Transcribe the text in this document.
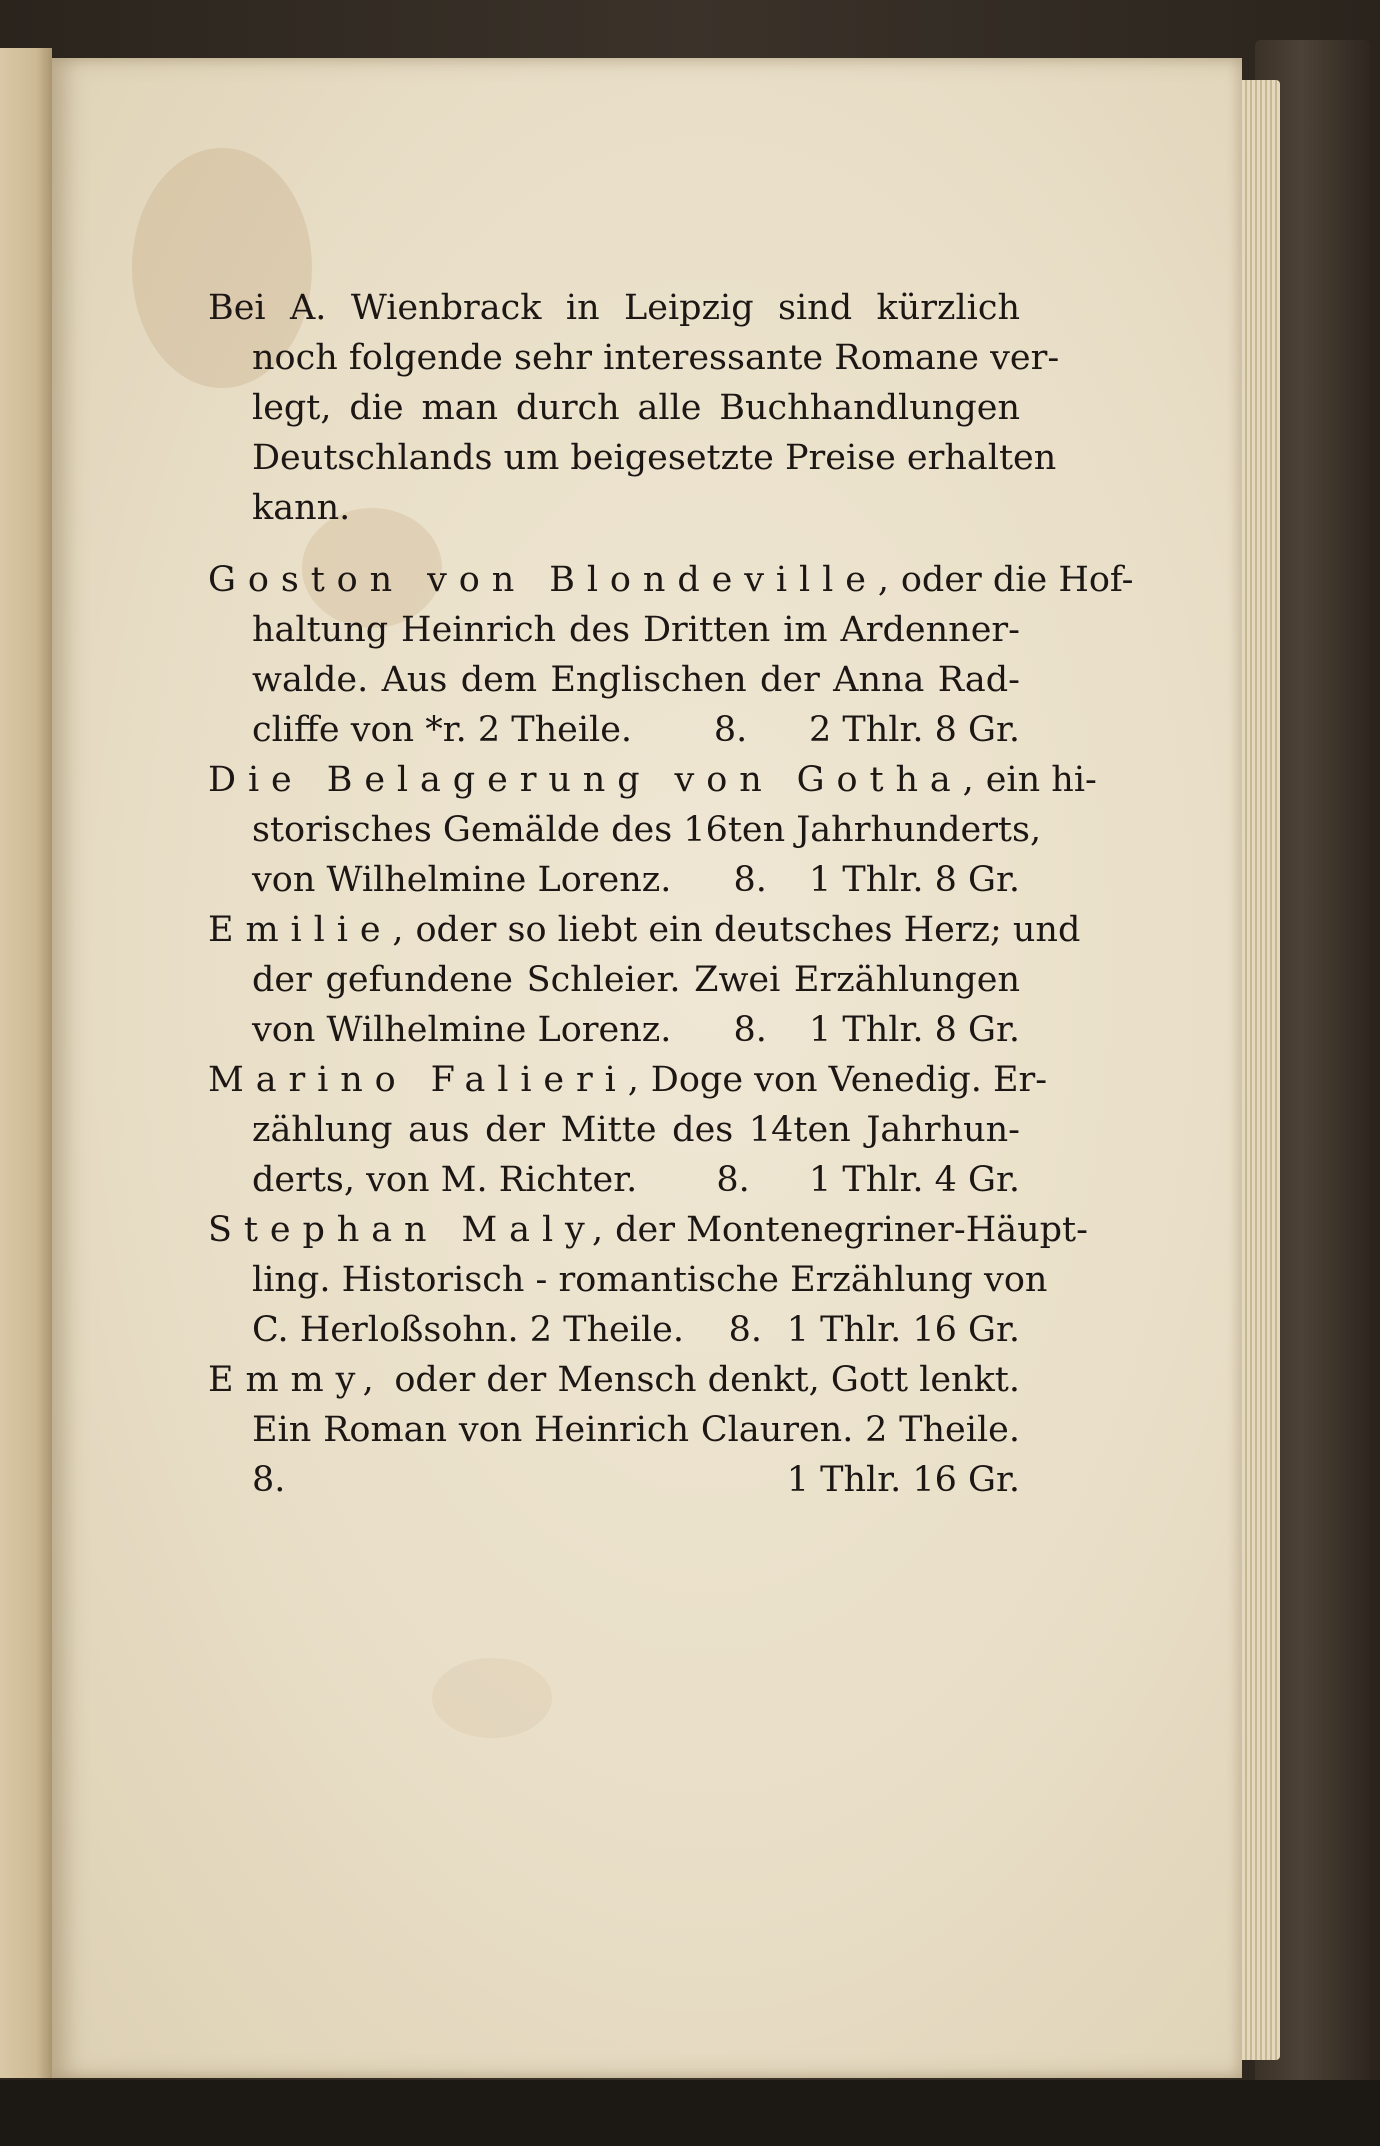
Bei A. Wienbrack in Leipzig sind kürzlich
noch folgende sehr interessante Romane ver-
legt, die man durch alle Buchhandlungen
Deutschlands um beigesetzte Preise erhalten
kann.
Goston von Blondeville, oder die Hof-
haltung Heinrich des Dritten im Ardenner-
walde. Aus dem Englischen der Anna Rad-
cliffe von *r. 2 Theile.	8. 2 Thlr. 8 Gr.
Die Belagerung von Gotha, ein hi-
storisches Gemälde des 16ten Jahrhunderts,
von Wilhelmine Lorenz.	8. 1 Thlr. 8 Gr.
Emilie, oder so liebt ein deutsches Herz; und
der gefundene Schleier. Zwei Erzählungen
von Wilhelmine Lorenz.	8. 1 Thlr. 8 Gr.
Marino Falieri, Doge von Venedig. Er-
zählung aus der Mitte des 14ten Jahrhun-
derts, von M. Richter.	8. 1 Thlr. 4 Gr.
Stephan Maly, der Montenegriner-Häupt-
ling. Historisch - romantische Erzählung von
C. Herloßsohn. 2 Theile.	8. 1 Thlr. 16 Gr.
Emmy, oder der Mensch denkt, Gott lenkt.
Ein Roman von Heinrich Clauren. 2 Theile.
8.	1 Thlr. 16 Gr.
